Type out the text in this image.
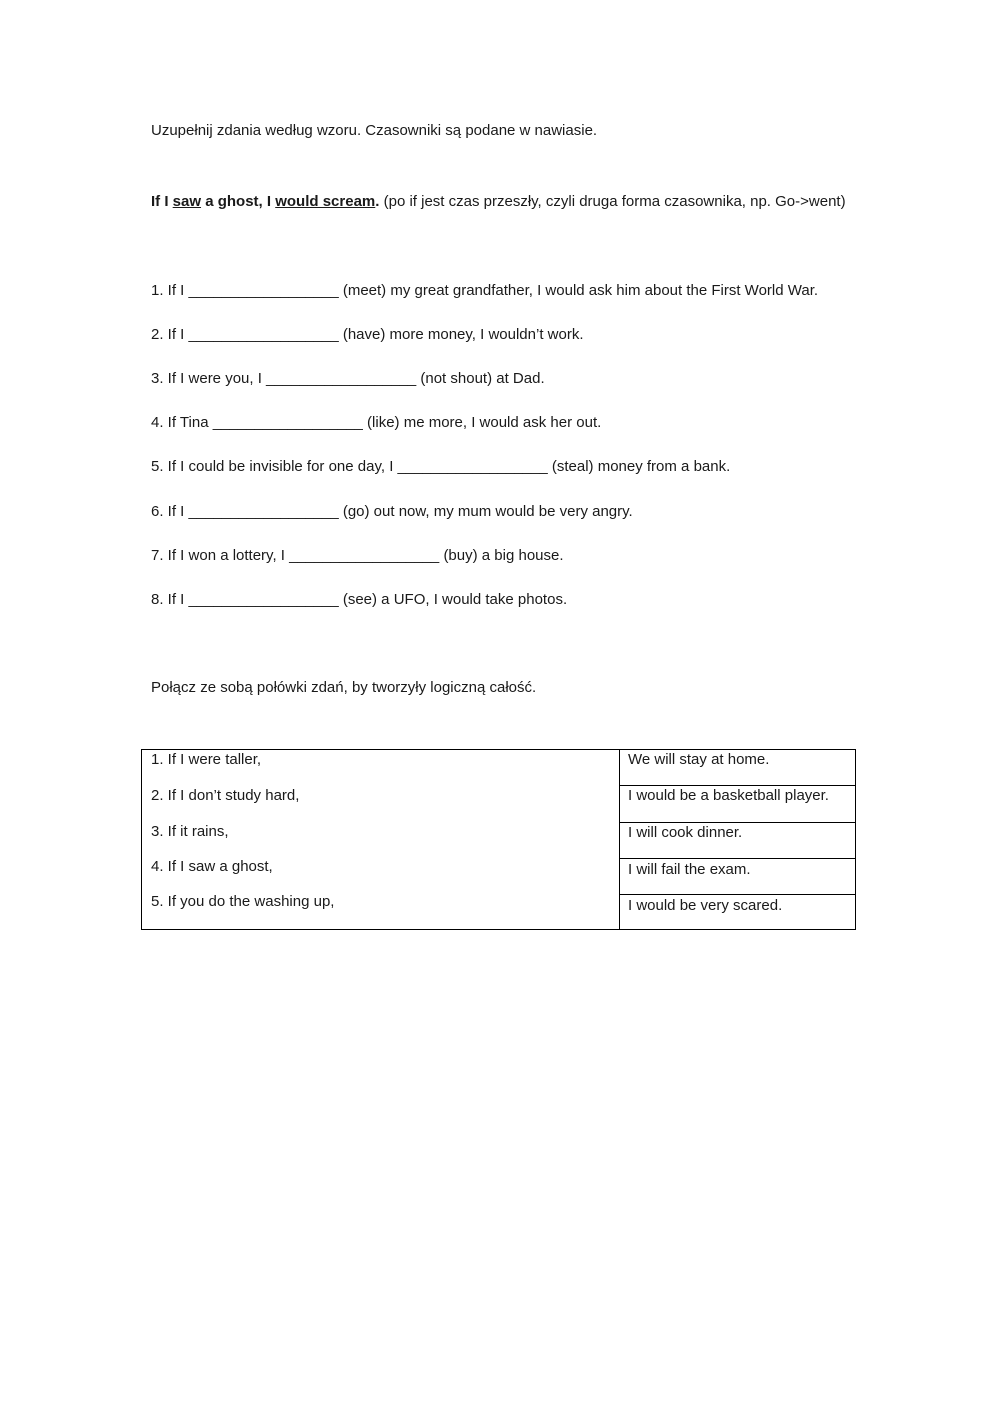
Uzupełnij zdania według wzoru. Czasowniki są podane w nawiasie.
If I saw a ghost, I would scream. (po if jest czas przeszły, czyli druga forma czasownika, np. Go->went)
1. If I __________________ (meet) my great grandfather, I would ask him about the First World War.
2. If I __________________ (have) more money, I wouldn’t work.
3. If I were you, I __________________ (not shout) at Dad.
4. If Tina __________________ (like) me more, I would ask her out.
5. If I could be invisible for one day, I __________________ (steal) money from a bank.
6. If I __________________ (go) out now, my mum would be very angry.
7. If I won a lottery, I __________________ (buy) a big house.
8. If I __________________ (see) a UFO, I would take photos.
Połącz ze sobą połówki zdań, by tworzyły logiczną całość.
1. If I were taller,
2. If I don’t study hard,
3. If it rains,
4. If I saw a ghost,
5. If you do the washing up,
We will stay at home.
I would be a basketball player.
I will cook dinner.
I will fail the exam.
I would be very scared.
